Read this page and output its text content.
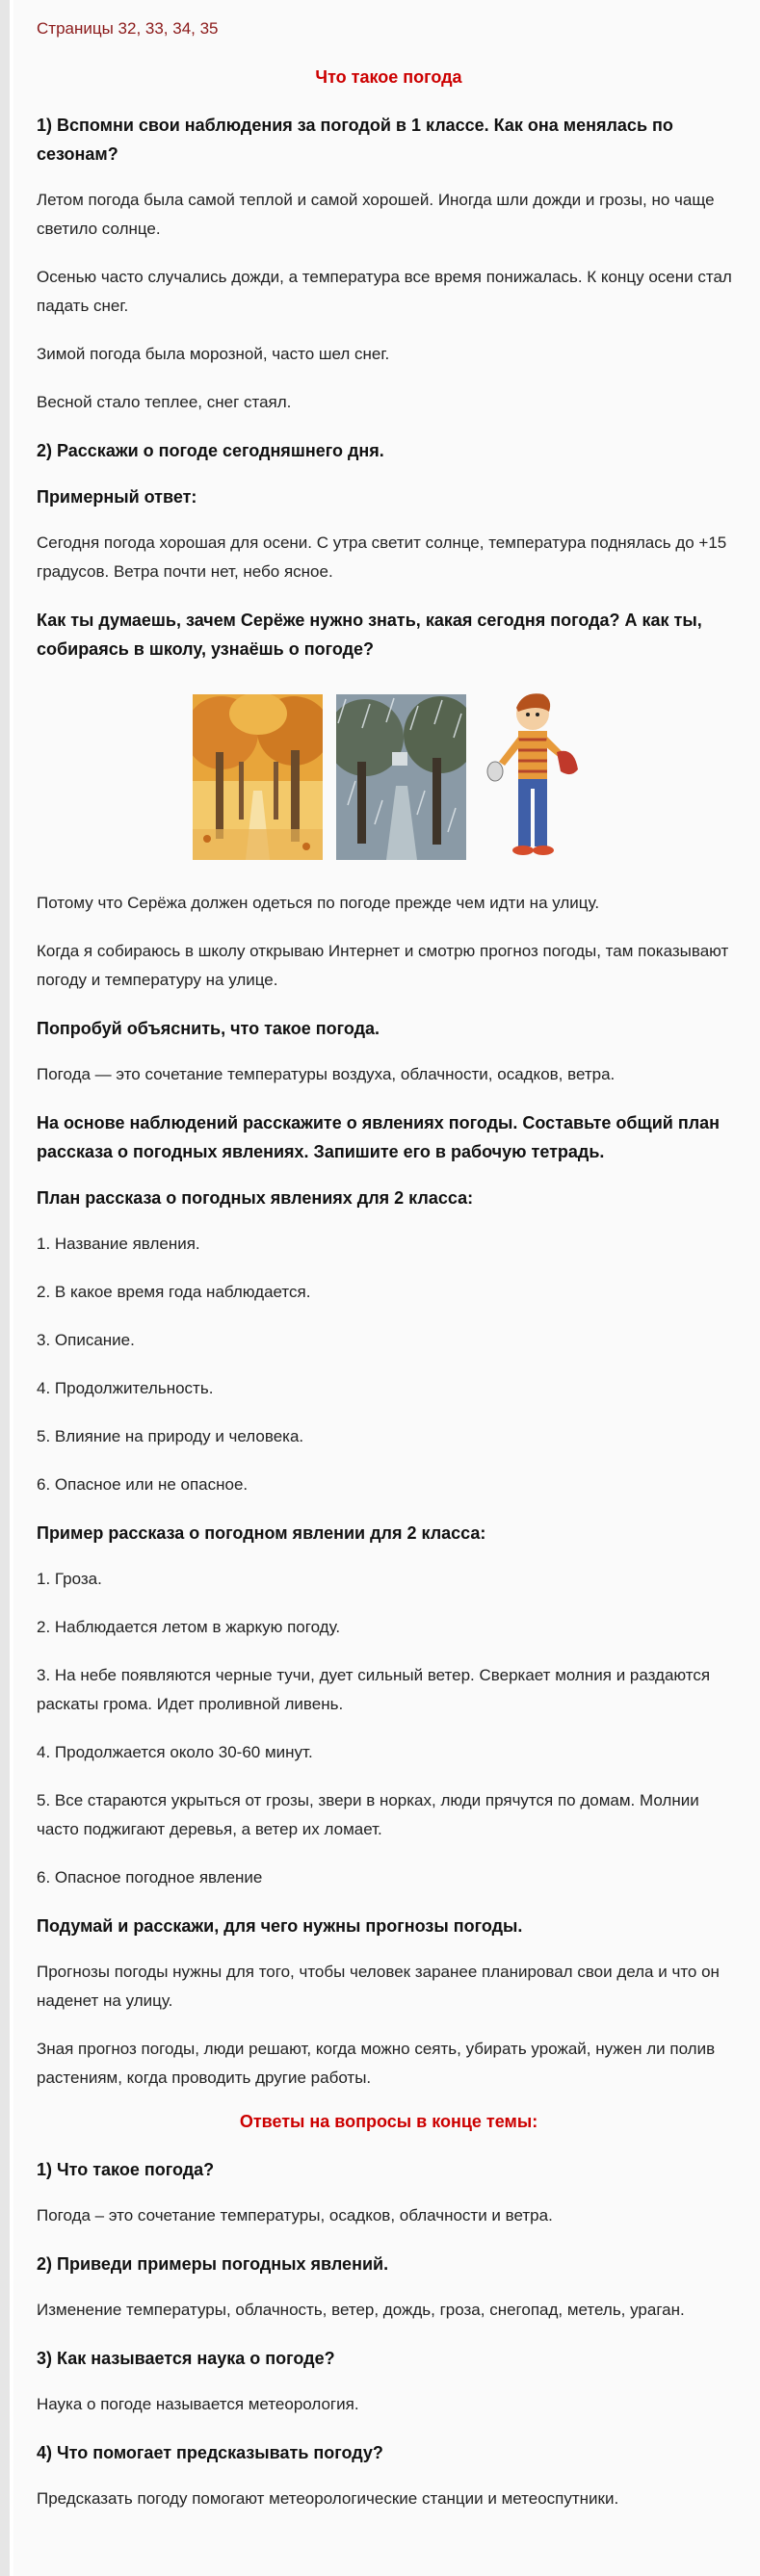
Страницы 32, 33, 34, 35
Что такое погода
1) Вспомни свои наблюдения за погодой в 1 классе. Как она менялась по сезонам?
Летом погода была самой теплой и самой хорошей. Иногда шли дожди и грозы, но чаще светило солнце.
Осенью часто случались дожди, а температура все время понижалась. К концу осени стал падать снег.
Зимой погода была морозной, часто шел снег.
Весной стало теплее, снег стаял.
2) Расскажи о погоде сегодняшнего дня.
Примерный ответ:
Сегодня погода хорошая для осени. С утра светит солнце, температура поднялась до +15 градусов. Ветра почти нет, небо ясное.
Как ты думаешь, зачем Серёже нужно знать, какая сегодня погода? А как ты, собираясь в школу, узнаёшь о погоде?
Потому что Серёжа должен одеться по погоде прежде чем идти на улицу.
Когда я собираюсь в школу открываю Интернет и смотрю прогноз погоды, там показывают погоду и температуру на улице.
Попробуй объяснить, что такое погода.
Погода — это сочетание температуры воздуха, облачности, осадков, ветра.
На основе наблюдений расскажите о явлениях погоды. Составьте общий план рассказа о погодных явлениях. Запишите его в рабочую тетрадь.
План рассказа о погодных явлениях для 2 класса:
1. Название явления.
2. В какое время года наблюдается.
3. Описание.
4. Продолжительность.
5. Влияние на природу и человека.
6. Опасное или не опасное.
Пример рассказа о погодном явлении для 2 класса:
1. Гроза.
2. Наблюдается летом в жаркую погоду.
3. На небе появляются черные тучи, дует сильный ветер. Сверкает молния и раздаются раскаты грома. Идет проливной ливень.
4. Продолжается около 30-60 минут.
5. Все стараются укрыться от грозы, звери в норках, люди прячутся по домам. Молнии часто поджигают деревья, а ветер их ломает.
6. Опасное погодное явление
Подумай и расскажи, для чего нужны прогнозы погоды.
Прогнозы погоды нужны для того, чтобы человек заранее планировал свои дела и что он наденет на улицу.
Зная прогноз погоды, люди решают, когда можно сеять, убирать урожай, нужен ли полив растениям, когда проводить другие работы.
Ответы на вопросы в конце темы:
1) Что такое погода?
Погода – это сочетание температуры, осадков, облачности и ветра.
2) Приведи примеры погодных явлений.
Изменение температуры, облачность, ветер, дождь, гроза, снегопад, метель, ураган.
3) Как называется наука о погоде?
Наука о погоде называется метеорология.
4) Что помогает предсказывать погоду?
Предсказать погоду помогают метеорологические станции и метеоспутники.
